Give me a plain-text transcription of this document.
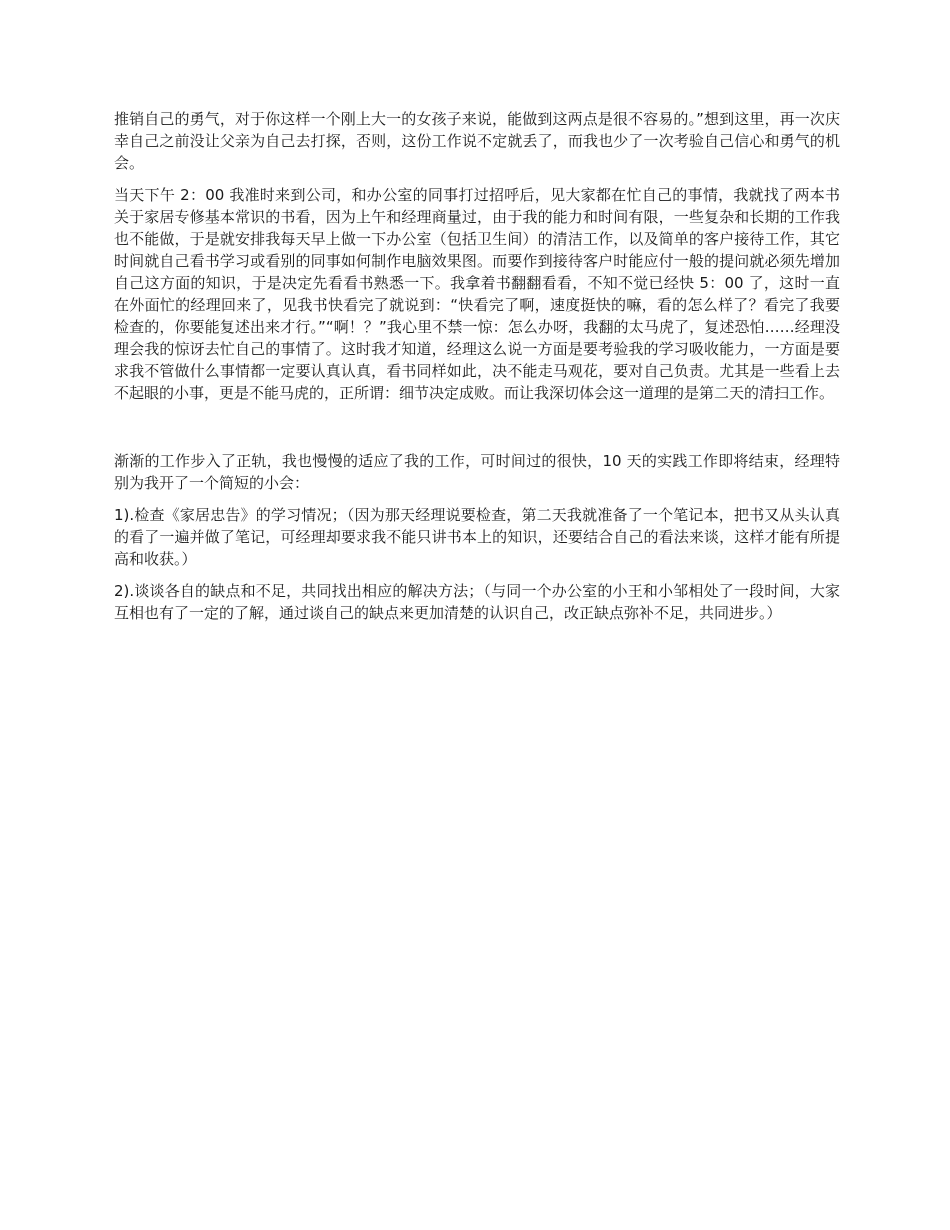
推销自己的勇气，对于你这样一个刚上大一的女孩子来说，能做到这两点是很不容易的。”想到这里，再一次庆幸自己之前没让父亲为自己去打探，否则，这份工作说不定就丢了，而我也少了一次考验自己信心和勇气的机会。

当天下午 2：00 我准时来到公司，和办公室的同事打过招呼后，见大家都在忙自己的事情，我就找了两本书关于家居专修基本常识的书看，因为上午和经理商量过，由于我的能力和时间有限，一些复杂和长期的工作我也不能做，于是就安排我每天早上做一下办公室（包括卫生间）的清洁工作，以及简单的客户接待工作，其它时间就自己看书学习或看别的同事如何制作电脑效果图。而要作到接待客户时能应付一般的提问就必须先增加自己这方面的知识，于是决定先看看书熟悉一下。我拿着书翻翻看看，不知不觉已经快 5：00 了，这时一直在外面忙的经理回来了，见我书快看完了就说到：“快看完了啊，速度挺快的嘛，看的怎么样了？看完了我要检查的，你要能复述出来才行。”“啊！？”我心里不禁一惊：怎么办呀，我翻的太马虎了，复述恐怕……经理没理会我的惊讶去忙自己的事情了。这时我才知道，经理这么说一方面是要考验我的学习吸收能力，一方面是要求我不管做什么事情都一定要认真认真，看书同样如此，决不能走马观花，要对自己负责。尤其是一些看上去不起眼的小事，更是不能马虎的，正所谓：细节决定成败。而让我深切体会这一道理的是第二天的清扫工作。

渐渐的工作步入了正轨，我也慢慢的适应了我的工作，可时间过的很快，10 天的实践工作即将结束，经理特别为我开了一个简短的小会：

1).检查《家居忠告》的学习情况；（因为那天经理说要检查，第二天我就准备了一个笔记本，把书又从头认真的看了一遍并做了笔记，可经理却要求我不能只讲书本上的知识，还要结合自己的看法来谈，这样才能有所提高和收获。）

2).谈谈各自的缺点和不足，共同找出相应的解决方法；（与同一个办公室的小王和小邹相处了一段时间，大家互相也有了一定的了解，通过谈自己的缺点来更加清楚的认识自己，改正缺点弥补不足，共同进步。）
